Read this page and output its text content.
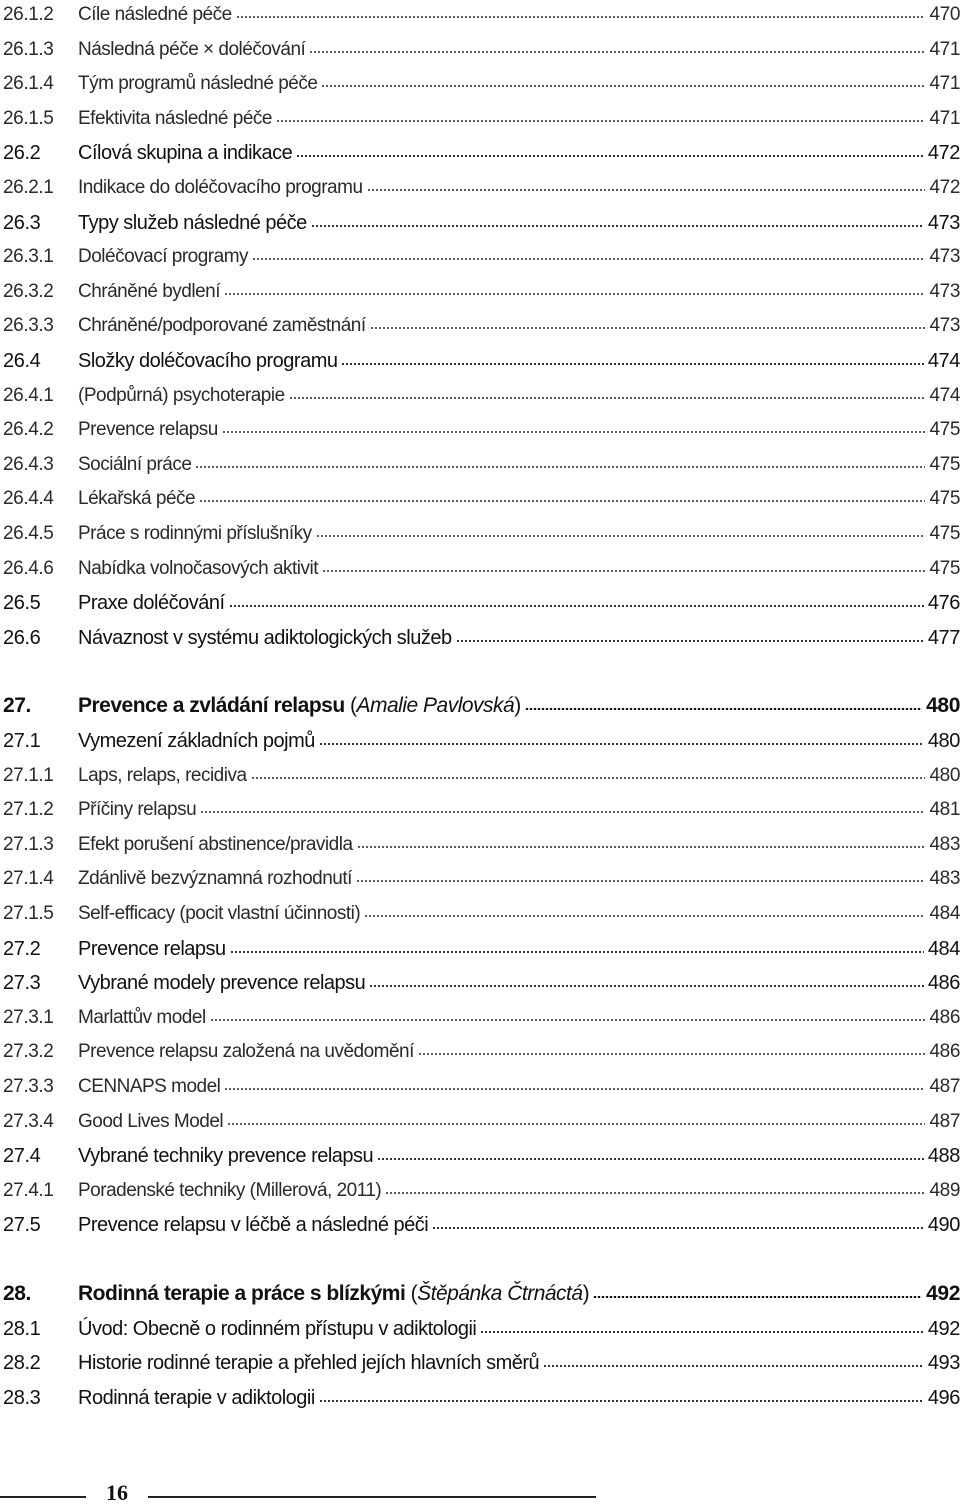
26.1.2	Cíle následné péče	470
26.1.3	Následná péče × doléčování	471
26.1.4	Tým programů následné péče	471
26.1.5	Efektivita následné péče	471
26.2	Cílová skupina a indikace	472
26.2.1	Indikace do doléčovacího programu	472
26.3	Typy služeb následné péče	473
26.3.1	Doléčovací programy	473
26.3.2	Chráněné bydlení	473
26.3.3	Chráněné/podporované zaměstnání	473
26.4	Složky doléčovacího programu	474
26.4.1	(Podpůrná) psychoterapie	474
26.4.2	Prevence relapsu	475
26.4.3	Sociální práce	475
26.4.4	Lékařská péče	475
26.4.5	Práce s rodinnými příslušníky	475
26.4.6	Nabídka volnočasových aktivit	475
26.5	Praxe doléčování	476
26.6	Návaznost v systému adiktologických služeb	477
27.	Prevence a zvládání relapsu (Amalie Pavlovská)	480
27.1	Vymezení základních pojmů	480
27.1.1	Laps, relaps, recidiva	480
27.1.2	Příčiny relapsu	481
27.1.3	Efekt porušení abstinence/pravidla	483
27.1.4	Zdánlivě bezvýznamná rozhodnutí	483
27.1.5	Self-efficacy (pocit vlastní účinnosti)	484
27.2	Prevence relapsu	484
27.3	Vybrané modely prevence relapsu	486
27.3.1	Marlattův model	486
27.3.2	Prevence relapsu založená na uvědomění	486
27.3.3	CENNAPS model	487
27.3.4	Good Lives Model	487
27.4	Vybrané techniky prevence relapsu	488
27.4.1	Poradenské techniky (Millerová, 2011)	489
27.5	Prevence relapsu v léčbě a následné péči	490
28.	Rodinná terapie a práce s blízkými (Štěpánka Čtrnáctá)	492
28.1	Úvod: Obecně o rodinném přístupu v adiktologii	492
28.2	Historie rodinné terapie a přehled jejích hlavních směrů	493
28.3	Rodinná terapie v adiktologii	496
16
